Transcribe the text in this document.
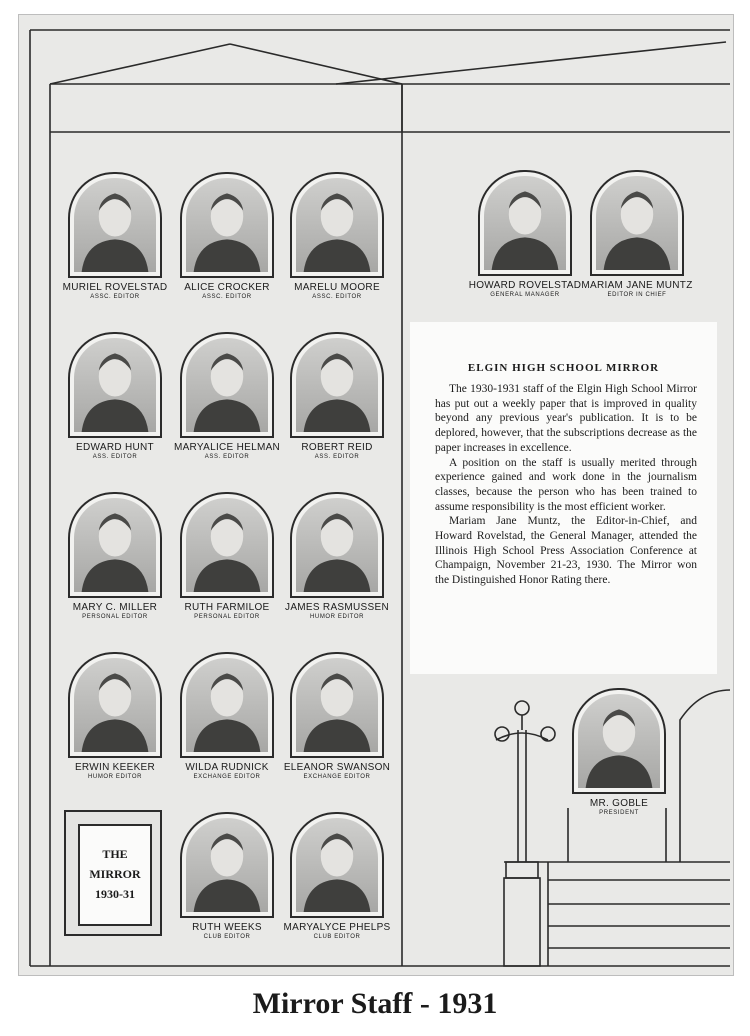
MURIEL ROVELSTAD
ASSC. EDITOR
ALICE CROCKER
ASSC. EDITOR
MARELU MOORE
ASSC. EDITOR
HOWARD ROVELSTAD
GENERAL MANAGER
MARIAM JANE MUNTZ
EDITOR IN CHIEF
EDWARD HUNT
ASS. EDITOR
MARYALICE HELMAN
ASS. EDITOR
ROBERT REID
ASS. EDITOR
MARY C. MILLER
PERSONAL EDITOR
RUTH FARMILOE
PERSONAL EDITOR
JAMES RASMUSSEN
HUMOR EDITOR
ERWIN KEEKER
HUMOR EDITOR
WILDA RUDNICK
EXCHANGE EDITOR
ELEANOR SWANSON
EXCHANGE EDITOR
RUTH WEEKS
CLUB EDITOR
MARYALYCE PHELPS
CLUB EDITOR
MR. GOBLE
PRESIDENT
ELGIN HIGH SCHOOL MIRROR

The 1930-1931 staff of the Elgin High School Mirror has put out a weekly paper that is improved in quality beyond any previous year's publication. It is to be deplored, however, that the subscriptions decrease as the paper increases in excellence.

A position on the staff is usually merited through experience gained and work done in the journalism classes, because the person who has been trained to assume responsibility is the most efficient worker.

Mariam Jane Muntz, the Editor-in-Chief, and Howard Rovelstad, the General Manager, attended the Illinois High School Press Association Conference at Champaign, November 21-23, 1930. The Mirror won the Distinguished Honor Rating there.

THE
MIRROR
1930-31
Mirror Staff - 1931
